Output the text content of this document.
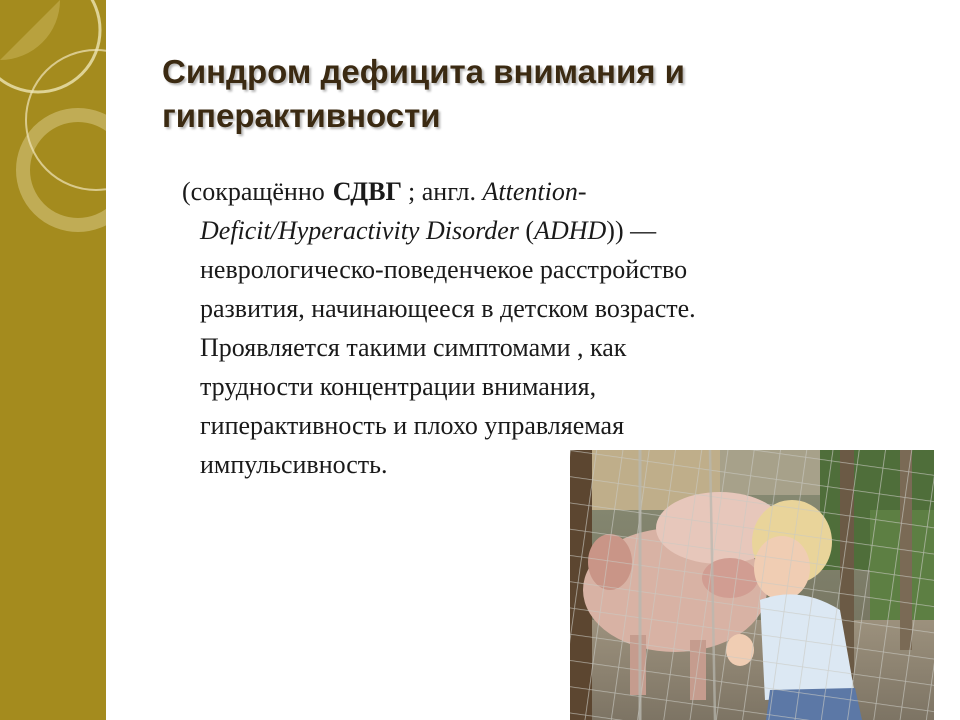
Синдром дефицита внимания и
гиперактивности
(сокращённо СДВГ ; англ. Attention-
Deficit/Hyperactivity Disorder (ADHD)) —
неврологическо-поведенчекое расстройство
развития, начинающееся в детском возрасте.
Проявляется такими симптомами , как
трудности концентрации внимания,
гиперактивность и плохо управляемая
импульсивность.
